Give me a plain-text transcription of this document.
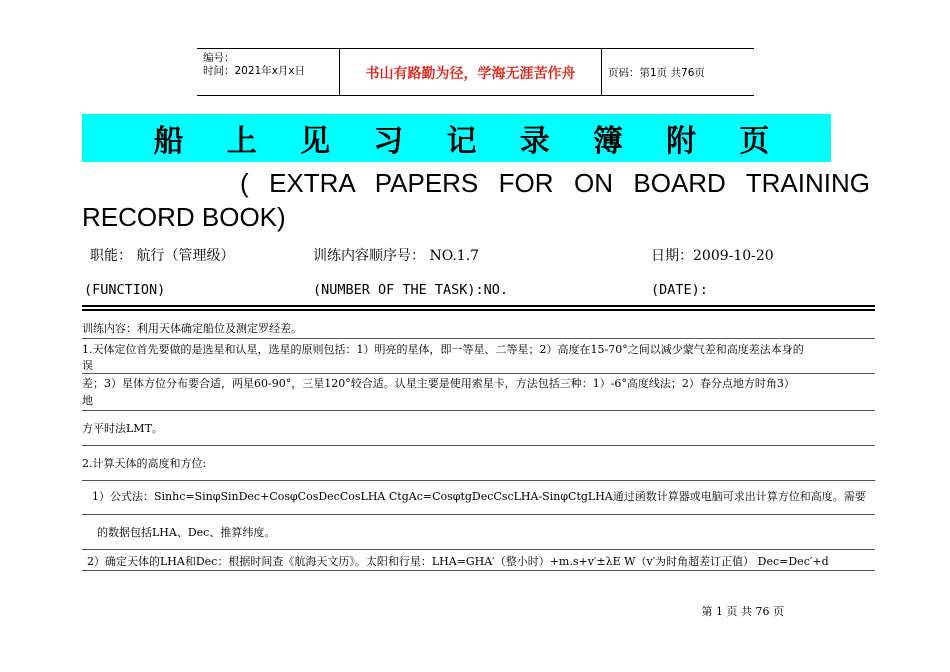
编号：
时间：2021年x月x日	书山有路勤为径，学海无涯苦作舟	页码：第1页 共76页
船 上 见 习 记 录 簿 附 页
( EXTRA PAPERS FOR ON BOARD TRAINING
RECORD BOOK)
职能： 航行（管理级）	训练内容顺序号： NO.1.7	日期：2009-10-20
(FUNCTION)	(NUMBER OF THE TASK):NO.	(DATE):
训练内容：利用天体确定船位及测定罗经差。
1.天体定位首先要做的是选星和认星，选星的原则包括：1）明亮的星体，即一等星、二等星；2）高度在15-70°之间以减少蒙气差和高度差法本身的
误
差；3）星体方位分布要合适，两星60-90°，三星120°较合适。认星主要是使用索星卡，方法包括三种：1）-6°高度线法；2）春分点地方时角3）
地
方平时法LMT。
2.计算天体的高度和方位:
1）公式法：Sinhc=SinφSinDec+CosφCosDecCosLHA CtgAc=CosφtgDecCscLHA-SinφCtgLHA通过函数计算器或电脑可求出计算方位和高度。需要
的数据包括LHA、Dec、推算纬度。
2）确定天体的LHA和Dec：根据时间查《航海天文历》。太阳和行星：LHA=GHA′（整小时）+m.s+v′±λE W（v′为时角超差订正值） Dec=Dec′+d
第 1 页 共 76 页
